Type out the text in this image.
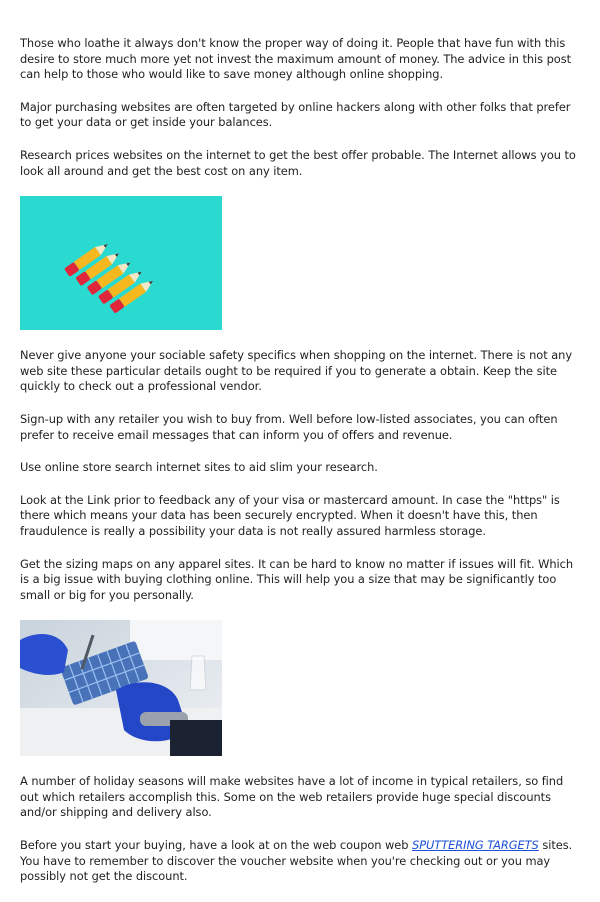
Those who loathe it always don't know the proper way of doing it. People that have fun with this desire to store much more yet not invest the maximum amount of money. The advice in this post can help to those who would like to save money although online shopping.

Major purchasing websites are often targeted by online hackers along with other folks that prefer to get your data or get inside your balances.

Research prices websites on the internet to get the best offer probable. The Internet allows you to look all around and get the best cost on any item.

Never give anyone your sociable safety specifics when shopping on the internet. There is not any web site these particular details ought to be required if you to generate a obtain. Keep the site quickly to check out a professional vendor.

Sign-up with any retailer you wish to buy from. Well before low-listed associates, you can often prefer to receive email messages that can inform you of offers and revenue.

Use online store search internet sites to aid slim your research.

Look at the Link prior to feedback any of your visa or mastercard amount. In case the "https" is there which means your data has been securely encrypted. When it doesn't have this, then fraudulence is really a possibility your data is not really assured harmless storage.

Get the sizing maps on any apparel sites. It can be hard to know no matter if issues will fit. Which is a big issue with buying clothing online. This will help you a size that may be significantly too small or big for you personally.

A number of holiday seasons will make websites have a lot of income in typical retailers, so find out which retailers accomplish this. Some on the web retailers provide huge special discounts and/or shipping and delivery also.

Before you start your buying, have a look at on the web coupon web SPUTTERING TARGETS sites. You have to remember to discover the voucher website when you're checking out or you may possibly not get the discount.
